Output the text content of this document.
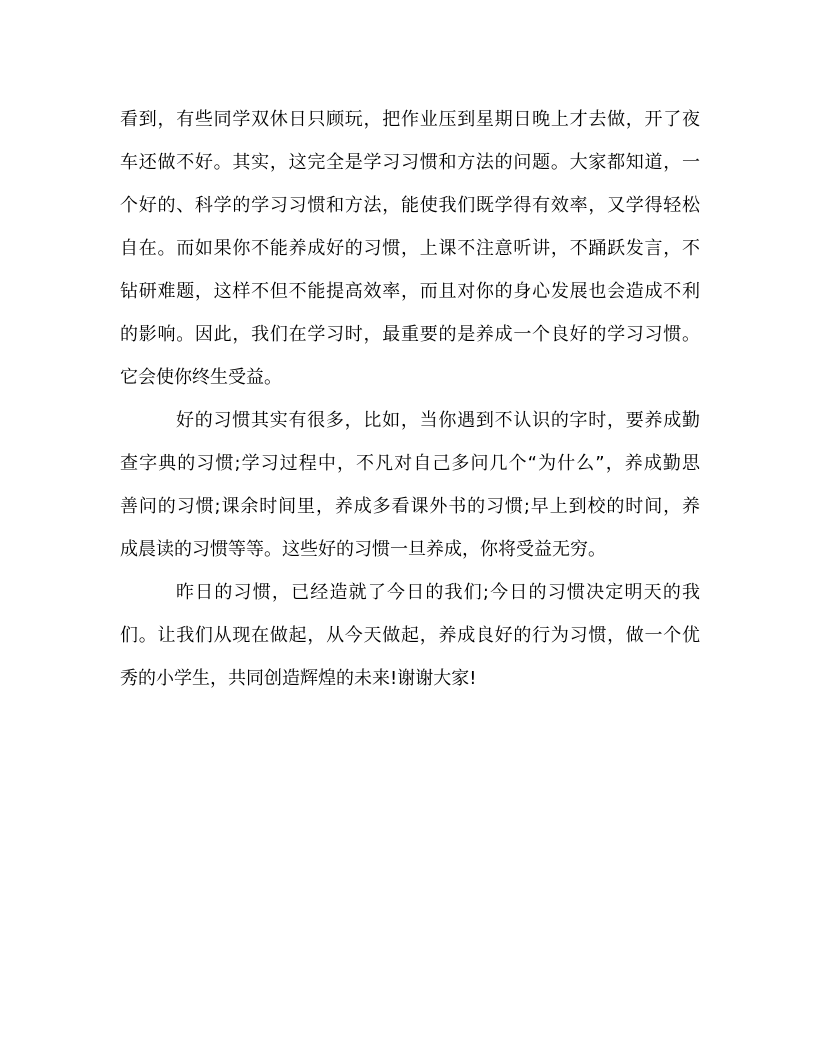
看到，有些同学双休日只顾玩，把作业压到星期日晚上才去做，开了夜
车还做不好。其实，这完全是学习习惯和方法的问题。大家都知道，一
个好的、科学的学习习惯和方法，能使我们既学得有效率，又学得轻松
自在。而如果你不能养成好的习惯，上课不注意听讲，不踊跃发言，不
钻研难题，这样不但不能提高效率，而且对你的身心发展也会造成不利
的影响。因此，我们在学习时，最重要的是养成一个良好的学习习惯。
它会使你终生受益。
好的习惯其实有很多，比如，当你遇到不认识的字时，要养成勤
查字典的习惯;学习过程中，不凡对自己多问几个“为什么”，养成勤思
善问的习惯;课余时间里，养成多看课外书的习惯;早上到校的时间，养
成晨读的习惯等等。这些好的习惯一旦养成，你将受益无穷。
昨日的习惯，已经造就了今日的我们;今日的习惯决定明天的我
们。让我们从现在做起，从今天做起，养成良好的行为习惯，做一个优
秀的小学生，共同创造辉煌的未来!谢谢大家!
